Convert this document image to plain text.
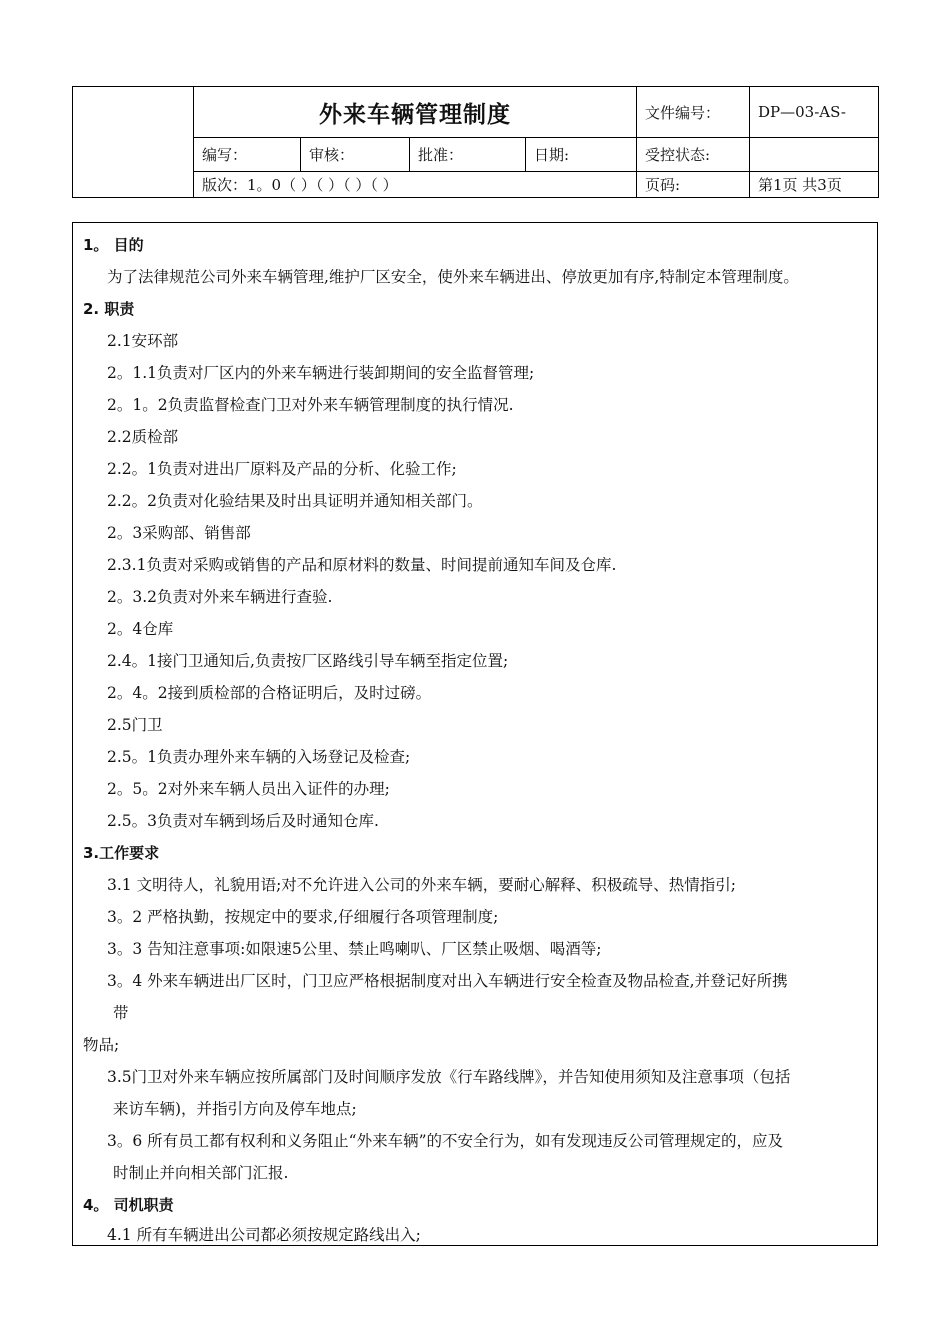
	外来车辆管理制度				文件编号：	DP—03-AS-
	编写：	审核：	批准：	日期:	受控状态:	
	版次：1。0（ ）（ ）（ ）（ ）				页码:	第1页 共3页
1。 目的
为了法律规范公司外来车辆管理,维护厂区安全，使外来车辆进出、停放更加有序,特制定本管理制度。
2. 职责
2.1安环部
2。1.1负责对厂区内的外来车辆进行装卸期间的安全监督管理;
2。1。2负责监督检查门卫对外来车辆管理制度的执行情况.
2.2质检部
2.2。1负责对进出厂原料及产品的分析、化验工作;
2.2。2负责对化验结果及时出具证明并通知相关部门。
2。3采购部、销售部
2.3.1负责对采购或销售的产品和原材料的数量、时间提前通知车间及仓库.
2。3.2负责对外来车辆进行查验.
2。4仓库
2.4。1接门卫通知后,负责按厂区路线引导车辆至指定位置;
2。4。2接到质检部的合格证明后，及时过磅。
2.5门卫
2.5。1负责办理外来车辆的入场登记及检查;
2。5。2对外来车辆人员出入证件的办理;
2.5。3负责对车辆到场后及时通知仓库.
3.工作要求
3.1 文明待人，礼貌用语;对不允许进入公司的外来车辆，要耐心解释、积极疏导、热情指引;
3。2 严格执勤，按规定中的要求,仔细履行各项管理制度;
3。3 告知注意事项:如限速5公里、禁止鸣喇叭、厂区禁止吸烟、喝酒等;
3。4 外来车辆进出厂区时，门卫应严格根据制度对出入车辆进行安全检查及物品检查,并登记好所携
带
物品;
3.5门卫对外来车辆应按所属部门及时间顺序发放《行车路线牌》，并告知使用须知及注意事项（包括
来访车辆)，并指引方向及停车地点;
3。6 所有员工都有权利和义务阻止“外来车辆”的不安全行为，如有发现违反公司管理规定的，应及
时制止并向相关部门汇报.
4。 司机职责
4.1 所有车辆进出公司都必须按规定路线出入;
